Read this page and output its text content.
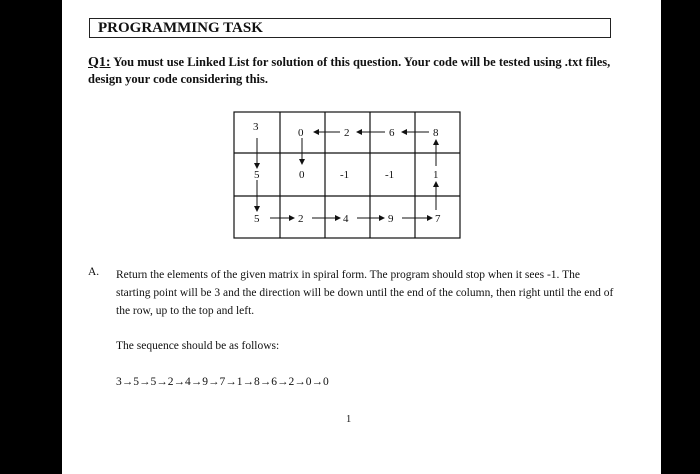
PROGRAMMING TASK
Q1: You must use Linked List for solution of this question. Your code will be tested using .txt files, design your code considering this.
3	0	2	6	8
5	0	-1	-1	1
5	2	4	9	7
A. Return the elements of the given matrix in spiral form. The program should stop when it sees -1. The starting point will be 3 and the direction will be down until the end of the column, then right until the end of the row, up to the top and left.
The sequence should be as follows:
3→5→5→2→4→9→7→1→8→6→2→0→0
1
